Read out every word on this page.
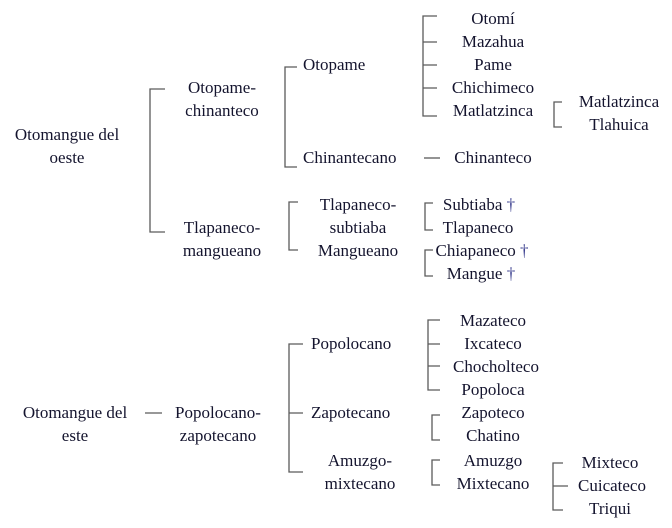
Otomangue del
oeste
Otopame-
chinanteco
Tlapaneco-
mangueano
Otopame
Chinantecano
Otomí
Mazahua
Pame
Chichimeco
Matlatzinca	Matlatzinca
Tlahuica
Chinanteco
Tlapaneco-
subtiaba
Mangueano
Subtiaba †
Tlapaneco
Chiapaneco †
Mangue †
Otomangue del
este
Popolocano-
zapotecano
Popolocano
Zapotecano
Amuzgo-
mixtecano
Mazateco
Ixcateco
Chocholteco
Popoloca
Zapoteco
Chatino
Amuzgo
Mixtecano
Mixteco
Cuicateco
Triqui
